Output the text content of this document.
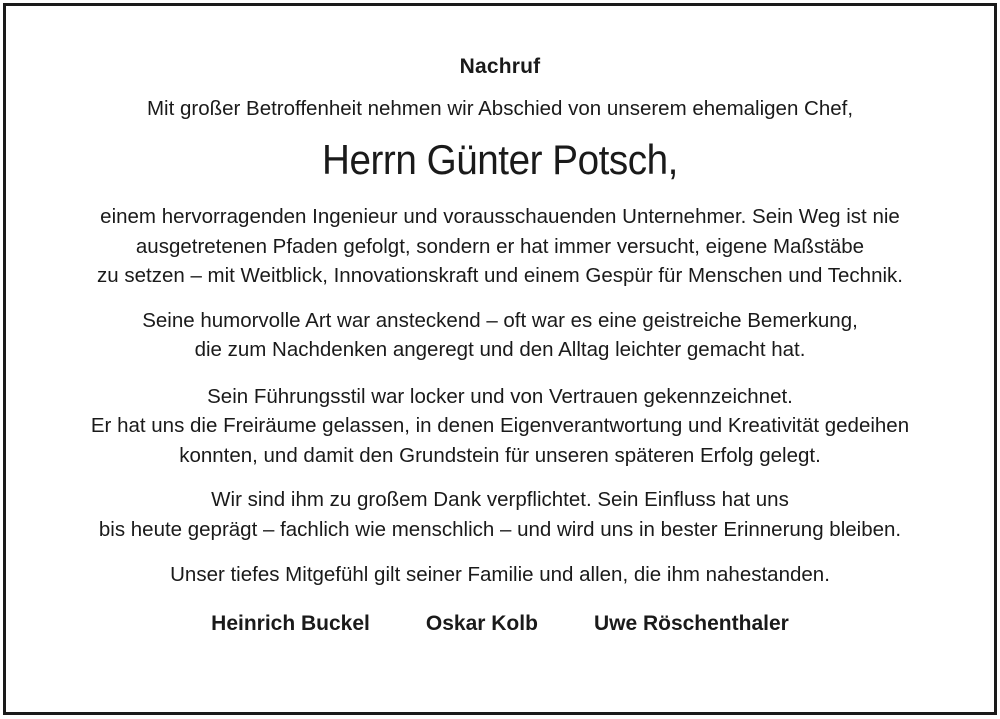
Nachruf
Mit großer Betroffenheit nehmen wir Abschied von unserem ehemaligen Chef,
Herrn Günter Potsch,

einem hervorragenden Ingenieur und vorausschauenden Unternehmer. Sein Weg ist nie
ausgetretenen Pfaden gefolgt, sondern er hat immer versucht, eigene Maßstäbe
zu setzen – mit Weitblick, Innovationskraft und einem Gespür für Menschen und Technik.

Seine humorvolle Art war ansteckend – oft war es eine geistreiche Bemerkung,
die zum Nachdenken angeregt und den Alltag leichter gemacht hat.

Sein Führungsstil war locker und von Vertrauen gekennzeichnet.
Er hat uns die Freiräume gelassen, in denen Eigenverantwortung und Kreativität gedeihen
konnten, und damit den Grundstein für unseren späteren Erfolg gelegt.

Wir sind ihm zu großem Dank verpflichtet. Sein Einfluss hat uns
bis heute geprägt – fachlich wie menschlich – und wird uns in bester Erinnerung bleiben.

Unser tiefes Mitgefühl gilt seiner Familie und allen, die ihm nahestanden.

Heinrich Buckel	Oskar Kolb	Uwe Röschenthaler
